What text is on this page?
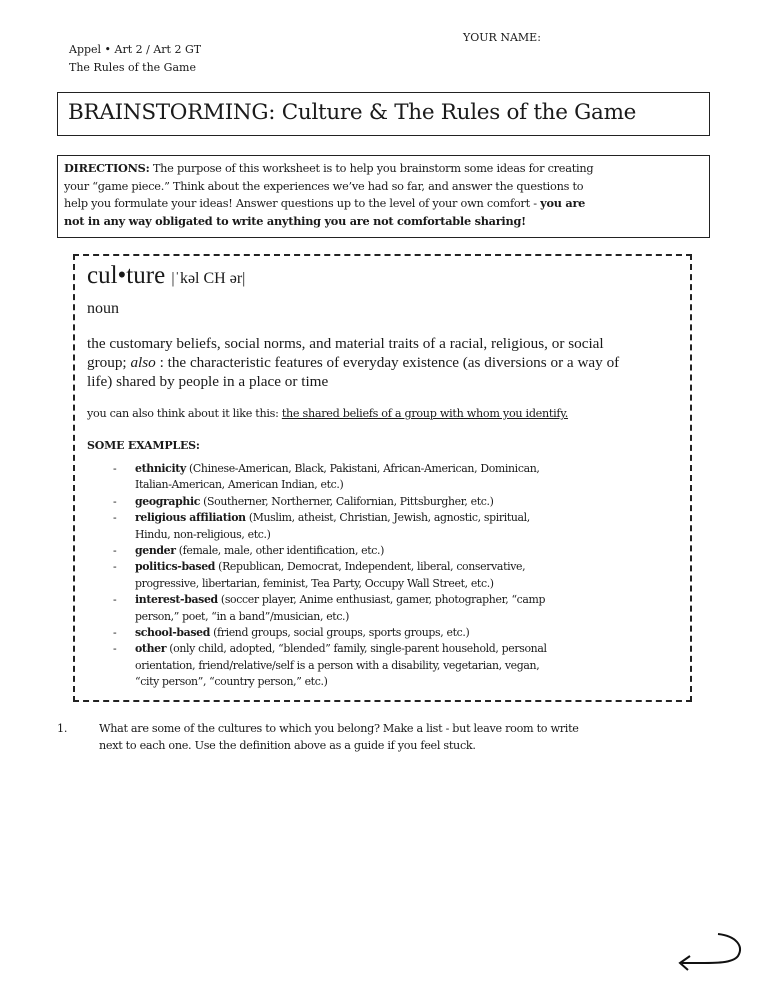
YOUR NAME:
Appel • Art 2 / Art 2 GT
The Rules of the Game
BRAINSTORMING: Culture & The Rules of the Game
DIRECTIONS: The purpose of this worksheet is to help you brainstorm some ideas for creating
your “game piece.” Think about the experiences we’ve had so far, and answer the questions to
help you formulate your ideas! Answer questions up to the level of your own comfort - you are
not in any way obligated to write anything you are not comfortable sharing!
cul•ture |ˈkəl CH ər|
noun
the customary beliefs, social norms, and material traits of a racial, religious, or social
group; also : the characteristic features of everyday existence (as diversions or a way of
life) shared by people in a place or time
you can also think about it like this: the shared beliefs of a group with whom you identify.
SOME EXAMPLES:
- ethnicity (Chinese-American, Black, Pakistani, African-American, Dominican,
Italian-American, American Indian, etc.)
- geographic (Southerner, Northerner, Californian, Pittsburgher, etc.)
- religious affiliation (Muslim, atheist, Christian, Jewish, agnostic, spiritual,
Hindu, non-religious, etc.)
- gender (female, male, other identification, etc.)
- politics-based (Republican, Democrat, Independent, liberal, conservative,
progressive, libertarian, feminist, Tea Party, Occupy Wall Street, etc.)
- interest-based (soccer player, Anime enthusiast, gamer, photographer, “camp
person,” poet, “in a band”/musician, etc.)
- school-based (friend groups, social groups, sports groups, etc.)
- other (only child, adopted, “blended” family, single-parent household, personal
orientation, friend/relative/self is a person with a disability, vegetarian, vegan,
“city person”, “country person,” etc.)
1.	What are some of the cultures to which you belong? Make a list - but leave room to write
next to each one. Use the definition above as a guide if you feel stuck.
